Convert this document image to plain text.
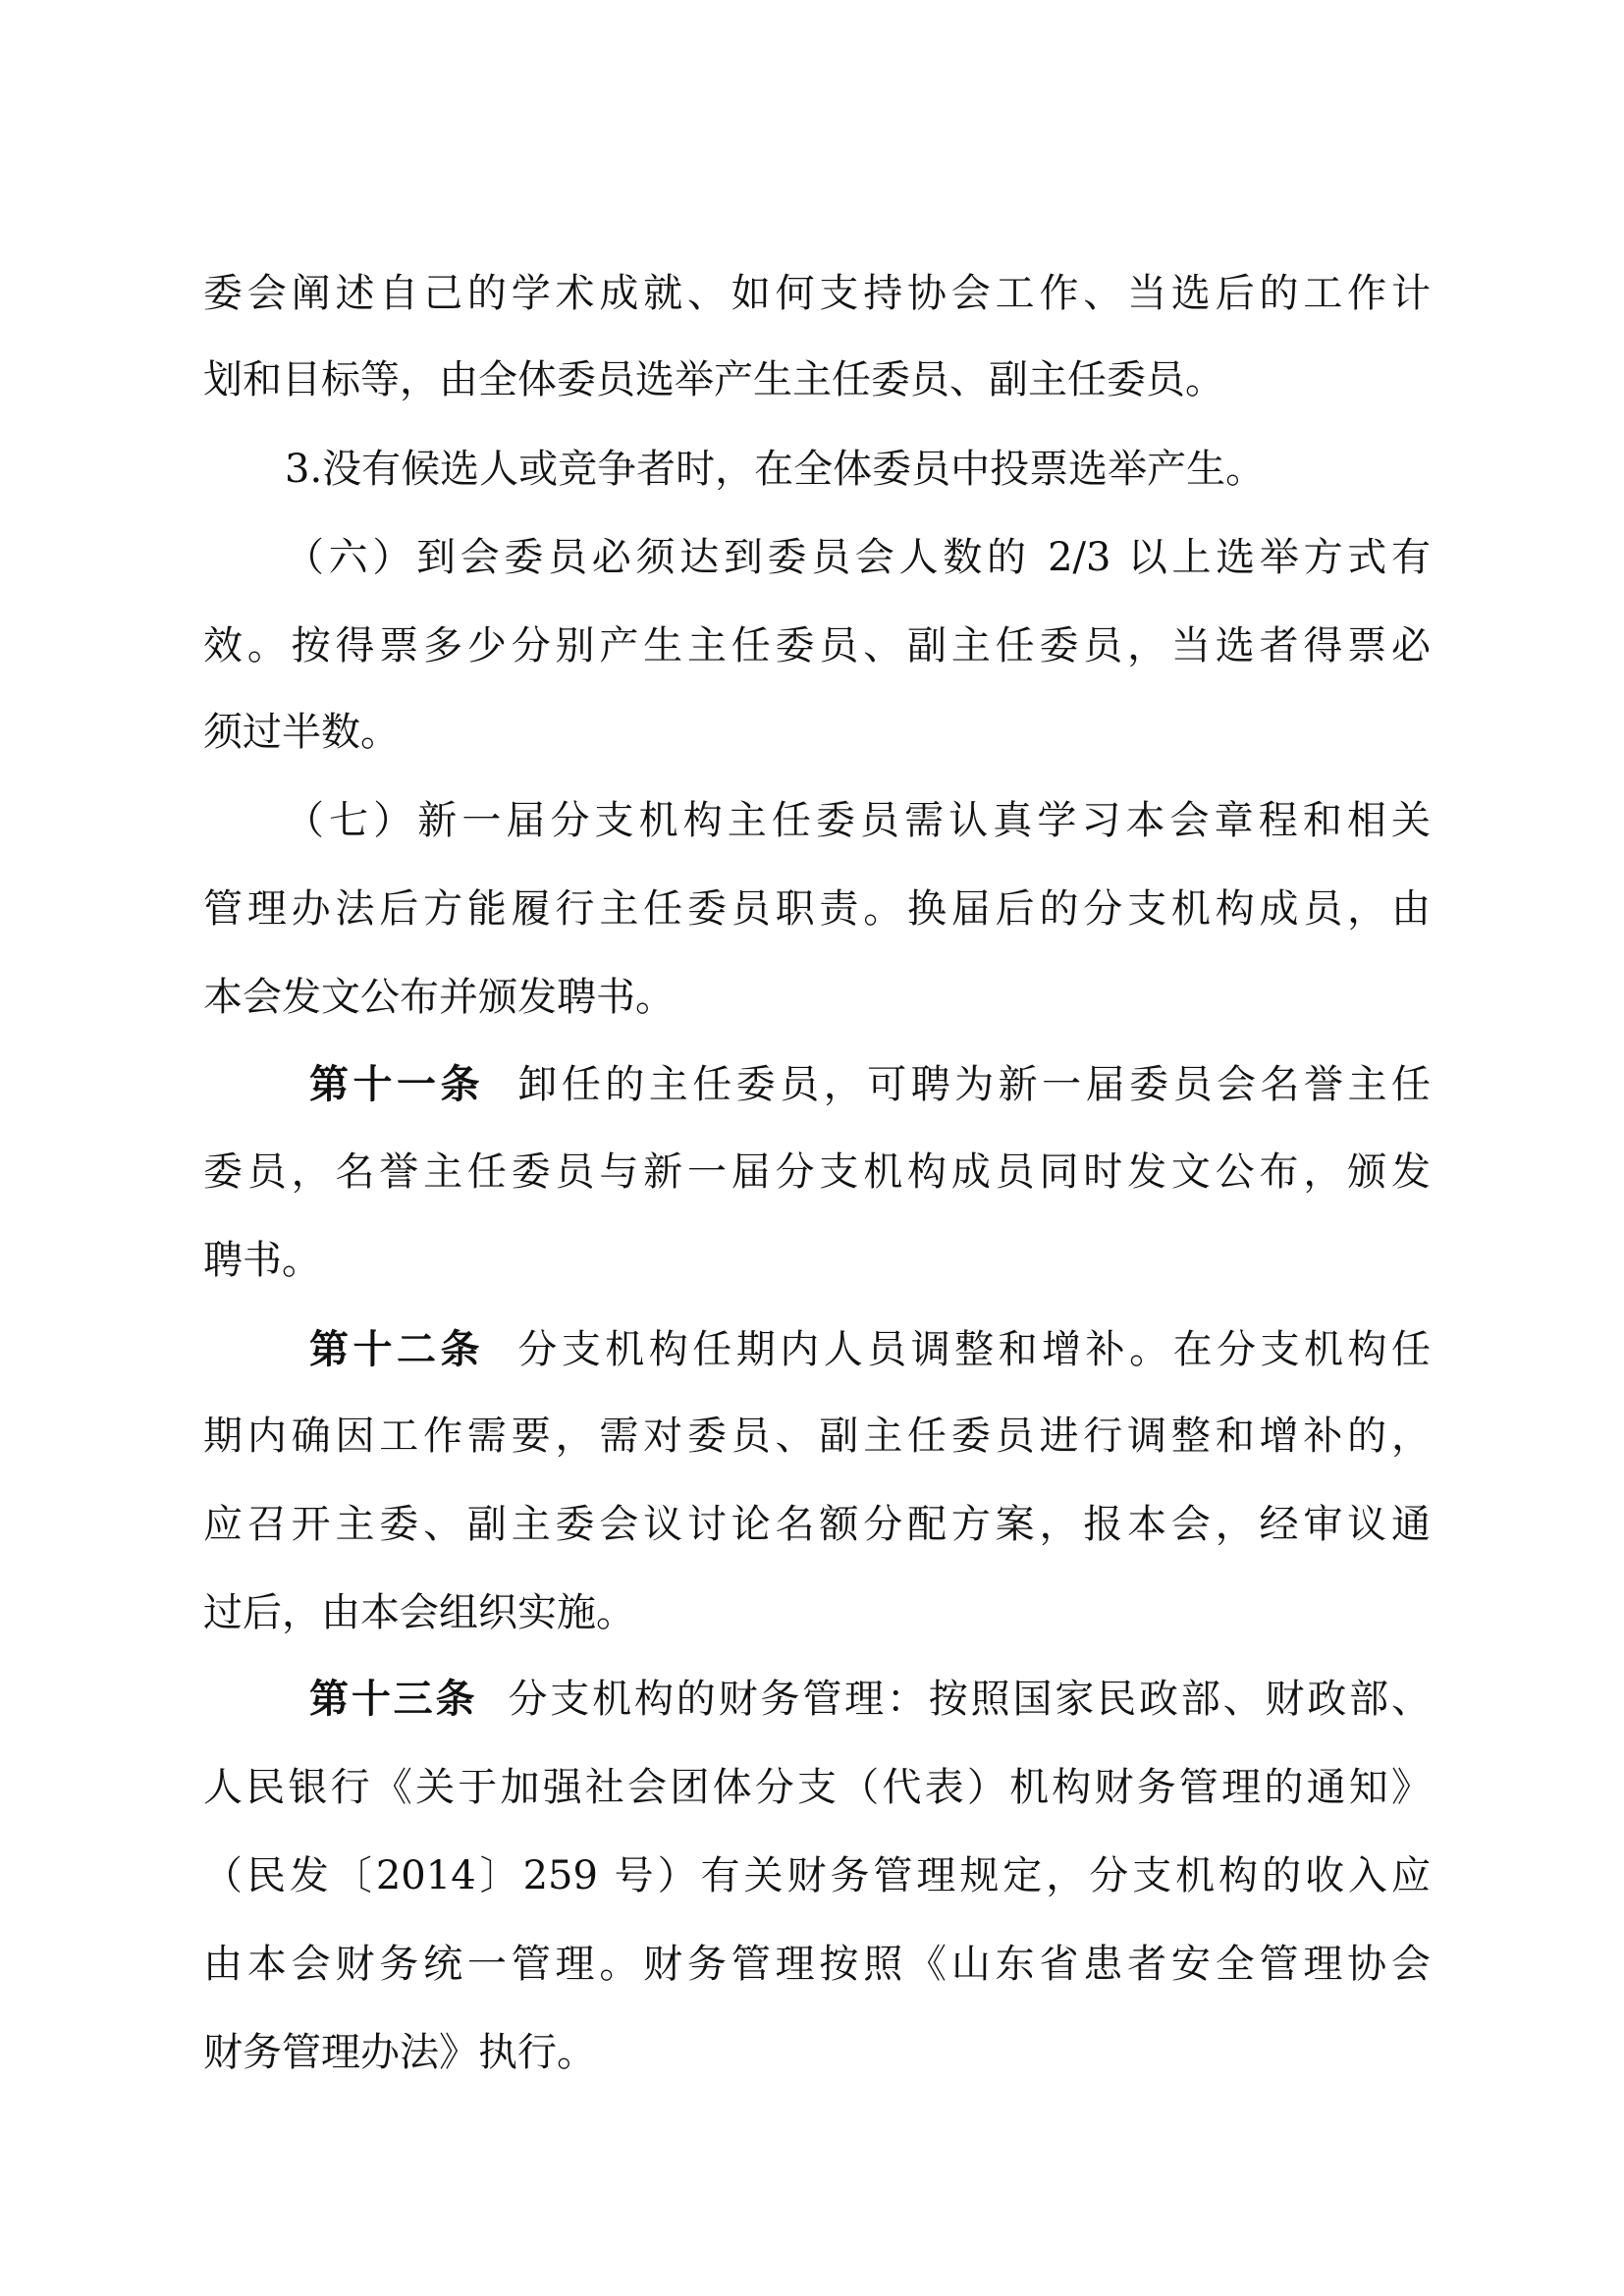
委会阐述自己的学术成就、如何支持协会工作、当选后的工作计
划和目标等，由全体委员选举产生主任委员、副主任委员。
3.没有候选人或竞争者时，在全体委员中投票选举产生。
（六）到会委员必须达到委员会人数的 2/3 以上选举方式有
效。按得票多少分别产生主任委员、副主任委员，当选者得票必
须过半数。
（七）新一届分支机构主任委员需认真学习本会章程和相关
管理办法后方能履行主任委员职责。换届后的分支机构成员，由
本会发文公布并颁发聘书。
第十一条 卸任的主任委员，可聘为新一届委员会名誉主任
委员，名誉主任委员与新一届分支机构成员同时发文公布，颁发
聘书。
第十二条 分支机构任期内人员调整和增补。在分支机构任
期内确因工作需要，需对委员、副主任委员进行调整和增补的，
应召开主委、副主委会议讨论名额分配方案，报本会，经审议通
过后，由本会组织实施。
第十三条 分支机构的财务管理：按照国家民政部、财政部、
人民银行《关于加强社会团体分支（代表）机构财务管理的通知》
（民发〔2014〕259 号）有关财务管理规定，分支机构的收入应
由本会财务统一管理。财务管理按照《山东省患者安全管理协会
财务管理办法》执行。
